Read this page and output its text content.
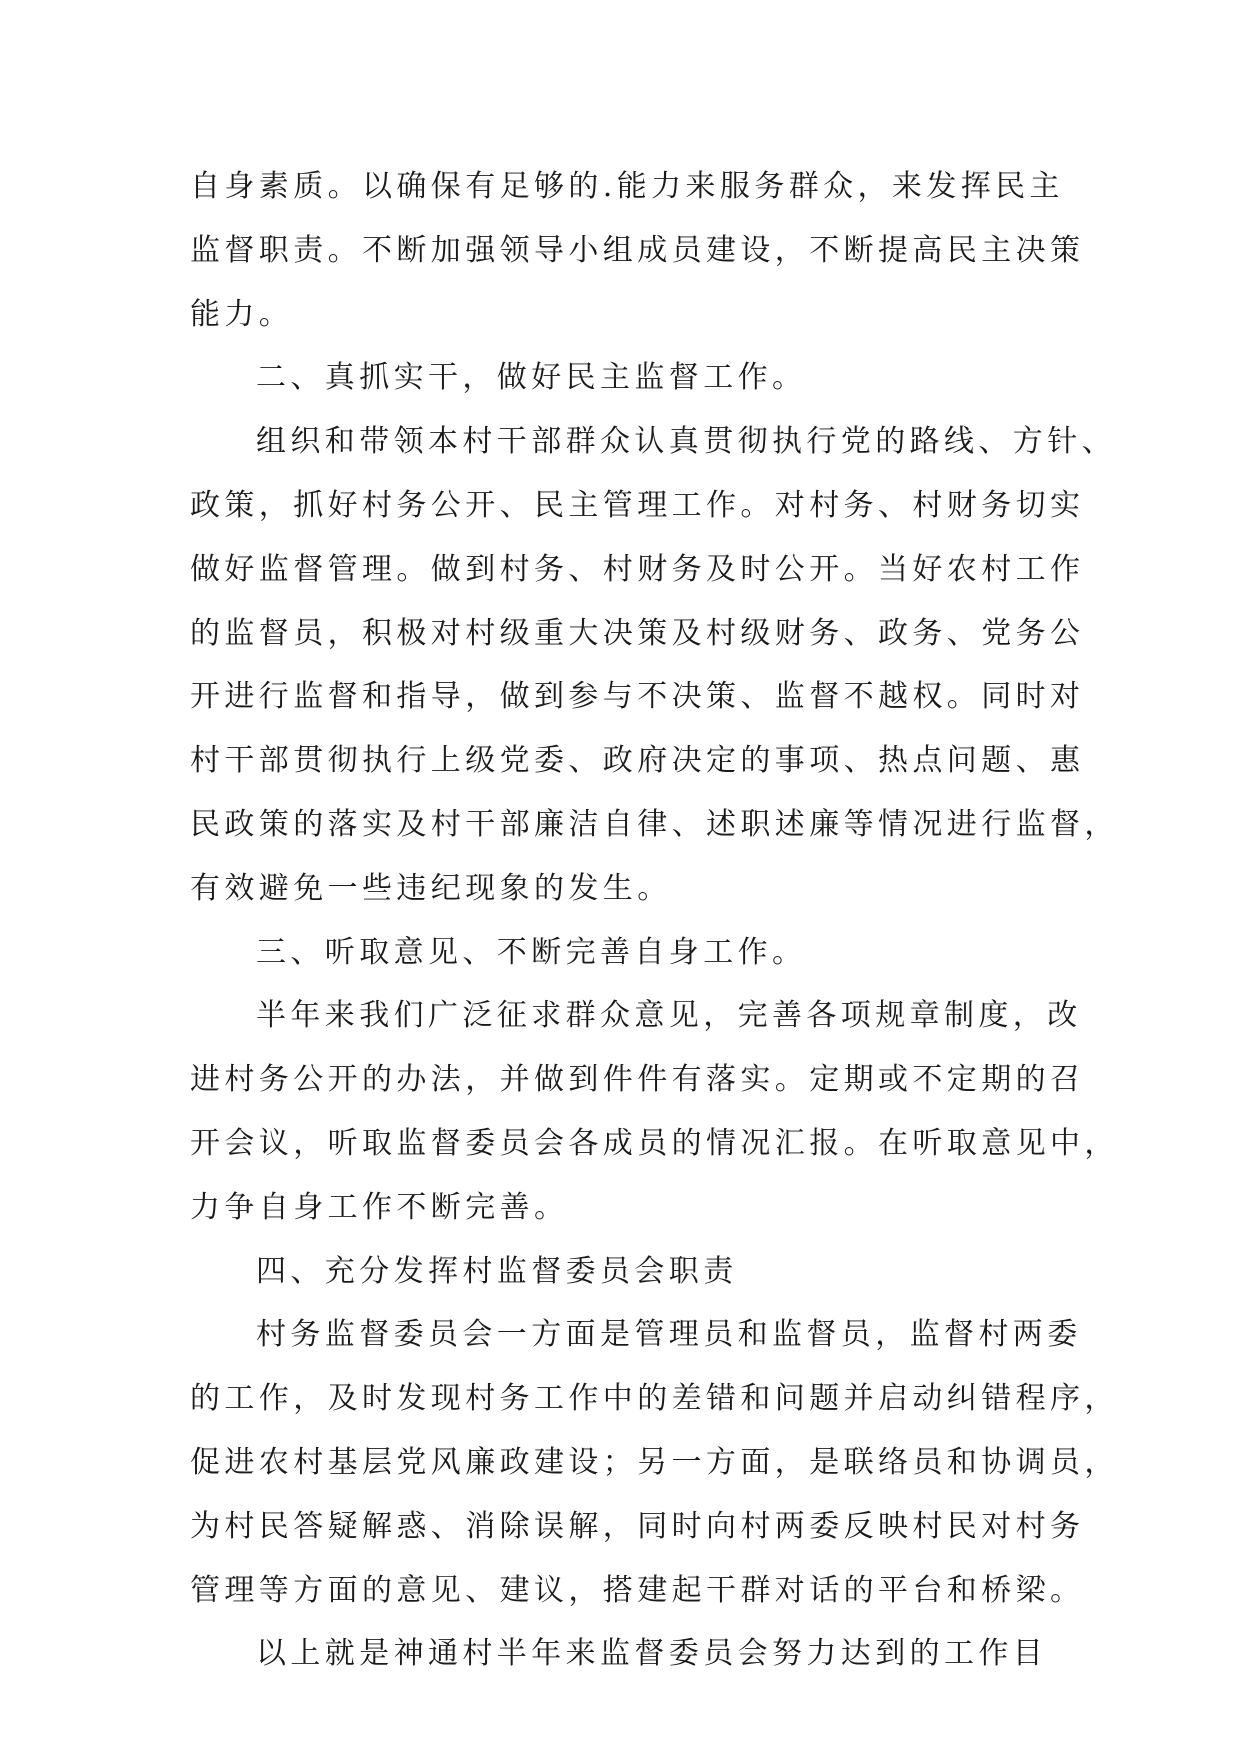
自身素质。以确保有足够的.能力来服务群众，来发挥民主
监督职责。不断加强领导小组成员建设，不断提高民主决策
能力。
二、真抓实干，做好民主监督工作。
组织和带领本村干部群众认真贯彻执行党的路线、方针、
政策，抓好村务公开、民主管理工作。对村务、村财务切实
做好监督管理。做到村务、村财务及时公开。当好农村工作
的监督员，积极对村级重大决策及村级财务、政务、党务公
开进行监督和指导，做到参与不决策、监督不越权。同时对
村干部贯彻执行上级党委、政府决定的事项、热点问题、惠
民政策的落实及村干部廉洁自律、述职述廉等情况进行监督，
有效避免一些违纪现象的发生。
三、听取意见、不断完善自身工作。
半年来我们广泛征求群众意见，完善各项规章制度，改
进村务公开的办法，并做到件件有落实。定期或不定期的召
开会议，听取监督委员会各成员的情况汇报。在听取意见中，
力争自身工作不断完善。
四、充分发挥村监督委员会职责
村务监督委员会一方面是管理员和监督员，监督村两委
的工作，及时发现村务工作中的差错和问题并启动纠错程序，
促进农村基层党风廉政建设；另一方面，是联络员和协调员，
为村民答疑解惑、消除误解，同时向村两委反映村民对村务
管理等方面的意见、建议，搭建起干群对话的平台和桥梁。
以上就是神通村半年来监督委员会努力达到的工作目
